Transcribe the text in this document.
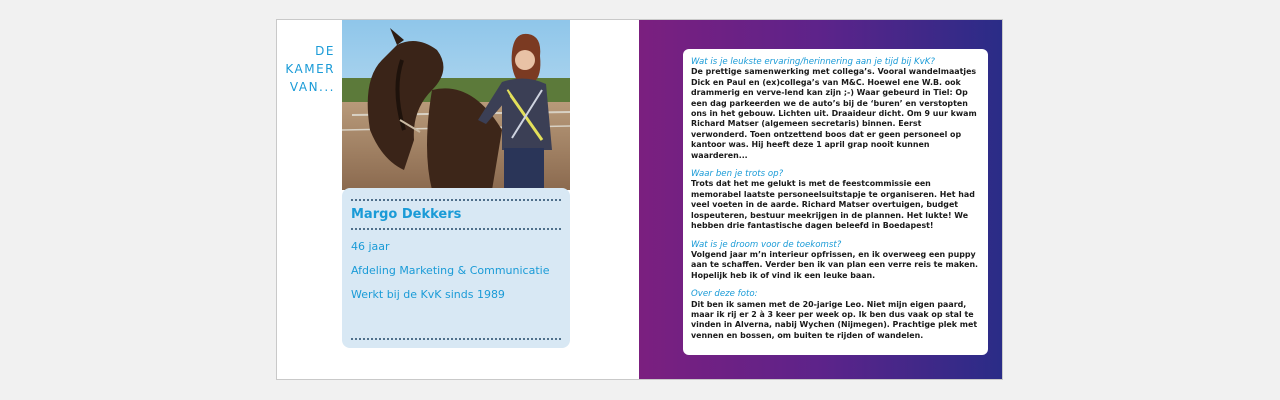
DE
KAMER
VAN...

Margo Dekkers

46 jaar

Afdeling Marketing & Communicatie

Werkt bij de KvK sinds 1989

Wat is je leukste ervaring/herinnering aan je tijd bij KvK?

De prettige samenwerking met collega’s. Vooral wandelmaatjes Dick en Paul en (ex)collega’s van M&C. Hoewel ene W.B. ook drammerig en verve-lend kan zijn ;-) Waar gebeurd in Tiel: Op een dag parkeerden we de auto’s bij de ‘buren’ en verstopten ons in het gebouw. Lichten uit. Draaideur dicht. Om 9 uur kwam Richard Matser (algemeen secretaris) binnen. Eerst verwonderd. Toen ontzettend boos dat er geen personeel op kantoor was. Hij heeft deze 1 april grap nooit kunnen waarderen...

Waar ben je trots op?

Trots dat het me gelukt is met de feestcommissie een memorabel laatste personeelsuitstapje te organiseren. Het had veel voeten in de aarde. Richard Matser overtuigen, budget lospeuteren, bestuur meekrijgen in de plannen. Het lukte! We hebben drie fantastische dagen beleefd in Boedapest!

Wat is je droom voor de toekomst?

Volgend jaar m’n interieur opfrissen, en ik overweeg een puppy aan te schaffen. Verder ben ik van plan een verre reis te maken. Hopelijk heb ik of vind ik een leuke baan.

Over deze foto:

Dit ben ik samen met de 20-jarige Leo. Niet mijn eigen paard, maar ik rij er 2 à 3 keer per week op. Ik ben dus vaak op stal te vinden in Alverna, nabij Wychen (Nijmegen). Prachtige plek met vennen en bossen, om buiten te rijden of wandelen.
